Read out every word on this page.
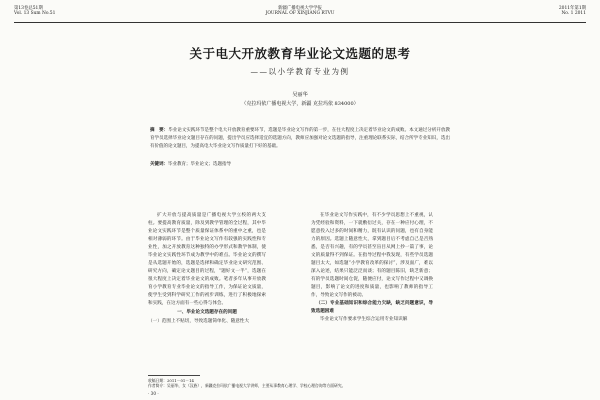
第13卷总51期
Vol. 13 Sum No.51
新疆广播电视大学学报
JOURNAL OF XINJIANG RTVU
2011年第1期
No. 1 2011
关于电大开放教育毕业论文选题的思考
——以小学教育专业为例
吴丽华
（克拉玛依广播电视大学，新疆 克拉玛依 834000）
摘　要：毕业论文实践环节是整个电大开放教育重要环节，选题是毕业论文写作的第一步，在往大程度上决定着毕业论文的成败。本文通过分析开放教育学员选择毕业论文题目存在的问题，提出学员应选择适宜的选题方向，教师应加强对论文选题的指导，注重理论联系实际，结合所学专业知识，选出有价值的论文题目，为提高电大毕业论文写作质量打下好的基础。
关键词：毕业教育；毕业论文；选题指导

扩大开放与提高质量是广播电视大学立校的两大支柱。要提高教育质量，除及到教学管理的全过程，其中毕业论文实践环节是整个质量保证体系中的重中之重，也是相对薄弱的环节。由于毕业论文写作有较强的实践性和专业性，加之开放教育这种独特的办学形式和教学体制，使毕业论文实践性环节成为教学中的难点。毕业论文的撰写是从选题开始的，选题是选择和确定毕业论文研究范围、研究方向，确定论文题目的过程，“题好文一半”，选题在很大程度上决定着毕业论文的成败。笔者多年从事开放教育小学教育专业毕业论文的指导工作，为保证论文质量，使学生受到科学研究工作的初步训练，进行了积极地探索和实践，在这方面有一些心得与体会。

一、毕业论文选题存在的问题
（一）范围上不贴切，导致选题简单化、随意性大

在毕业论文写作实践中，有不少学员思想上不重视，认为凭经验和资料，一下就敷衍过关，存在一种应付心理，不愿意投入过多的时间和精力，既有认识的问题，也有自身能力的原因。选题上随意性大，拿到题目后不考虑自己是否熟悉，是否有兴趣，有的学员甚至盲目从网上抄一篇了事，论文的质量得不到保证。在指导过程中我发现，有些学员选题题目太大，如选题“小学教育改革的探讨”，涉及面广，难以深入论述，结果只能泛泛而谈；有的题目陈旧，缺乏新意；有的学员选题时间仓促，随便应付，论文写作过程中又调换题目，影响了论文的进度和质量，也影响了教师的指导工作，导致论文写作的被动。

（二）专业基础知识和综合能力欠缺，缺乏问题意识，导致选题困难

毕业论文写作要求学生综合运用专业知识解

收稿日期：2011－01－14
作者简介：吴丽华，女（汉族），新疆克拉玛依广播电视大学讲师，主要从事教育心理学、学校心理咨询等方面研究。
· 30 ·
